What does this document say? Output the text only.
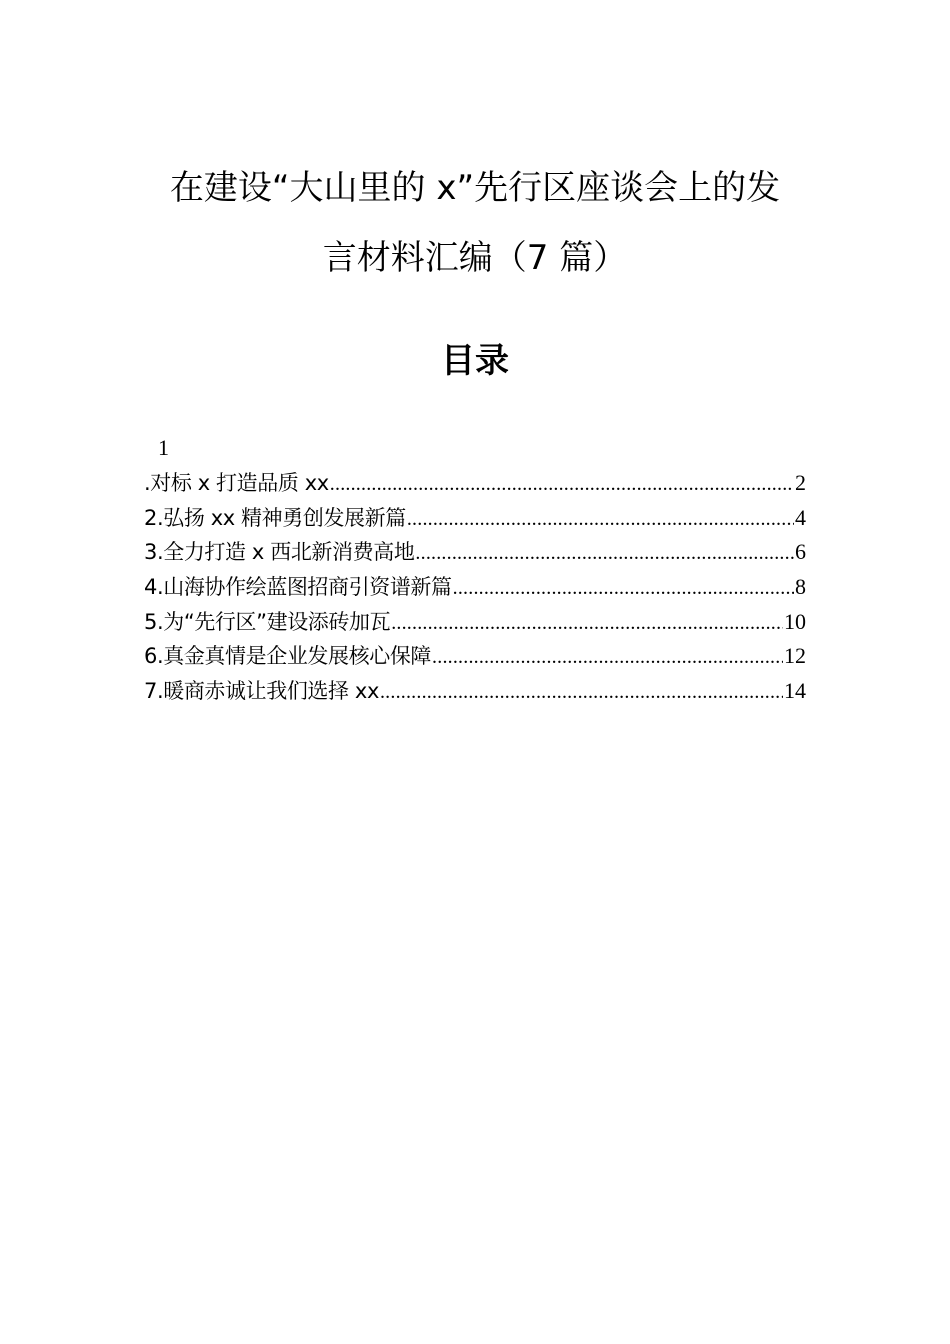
在建设“大山里的 x”先行区座谈会上的发
言材料汇编（7 篇）
目录
1
.对标 x 打造品质 xx .....	2
2.弘扬 xx 精神勇创发展新篇 .....	4
3.全力打造 x 西北新消费高地 .....	6
4.山海协作绘蓝图招商引资谱新篇 .....	8
5.为“先行区”建设添砖加瓦 .....	10
6.真金真情是企业发展核心保障 .....	12
7.暖商赤诚让我们选择 xx .....	14
